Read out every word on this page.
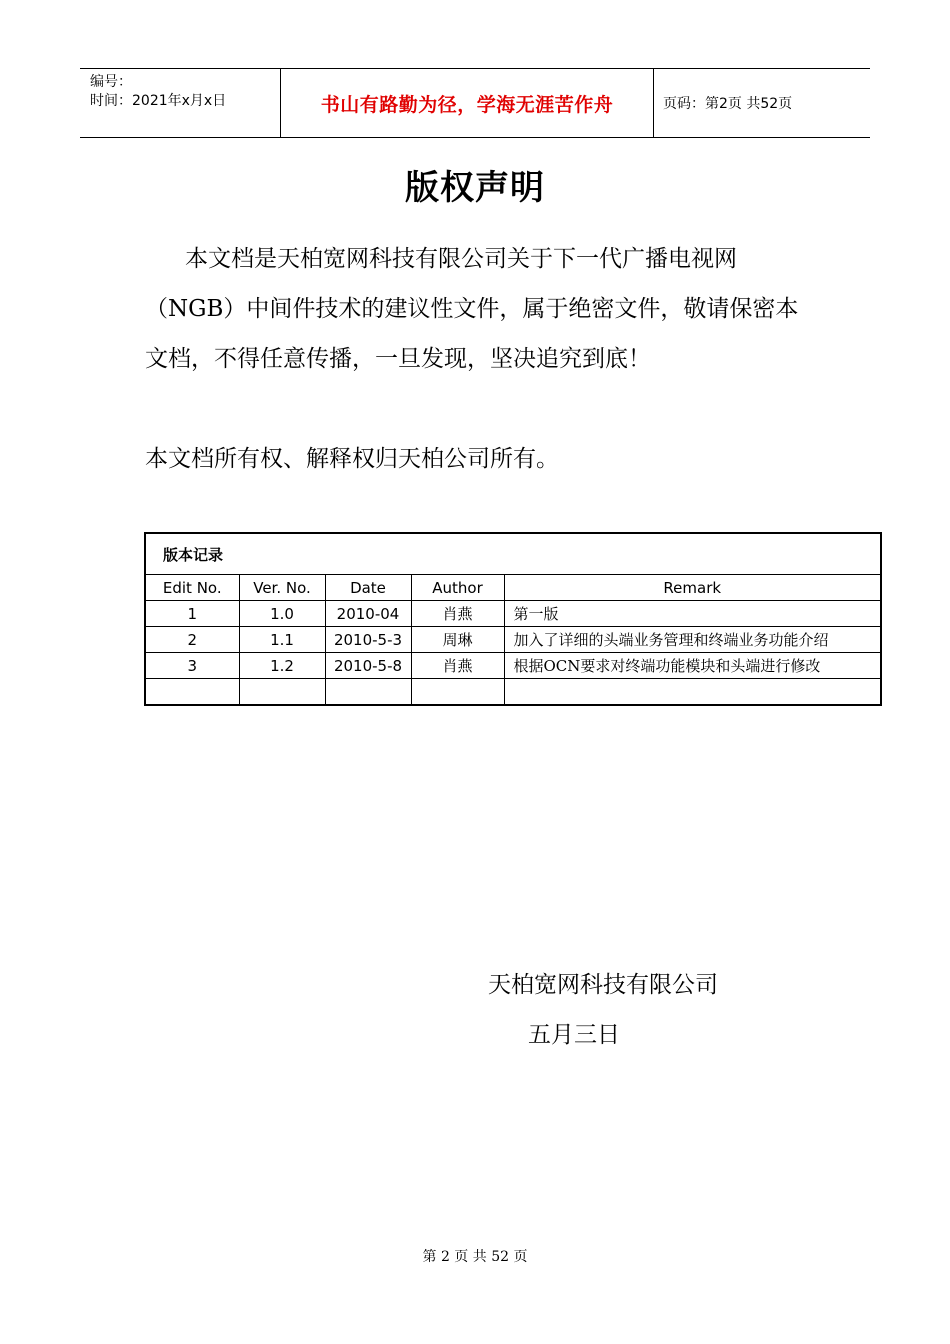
编号：
时间：2021年x月x日	书山有路勤为径，学海无涯苦作舟	页码：第2页 共52页
版权声明

本文档是天柏宽网科技有限公司关于下一代广播电视网（NGB）中间件技术的建议性文件，属于绝密文件，敬请保密本文档，不得任意传播，一旦发现，坚决追究到底！

本文档所有权、解释权归天柏公司所有。

版本记录				
Edit No.	Ver. No.	Date	Author	Remark
1	1.0	2010-04	肖燕	第一版
2	1.1	2010-5-3	周琳	加入了详细的头端业务管理和终端业务功能介绍
3	1.2	2010-5-8	肖燕	根据OCN要求对终端功能模块和头端进行修改

天柏宽网科技有限公司
五月三日
第 2 页 共 52 页
